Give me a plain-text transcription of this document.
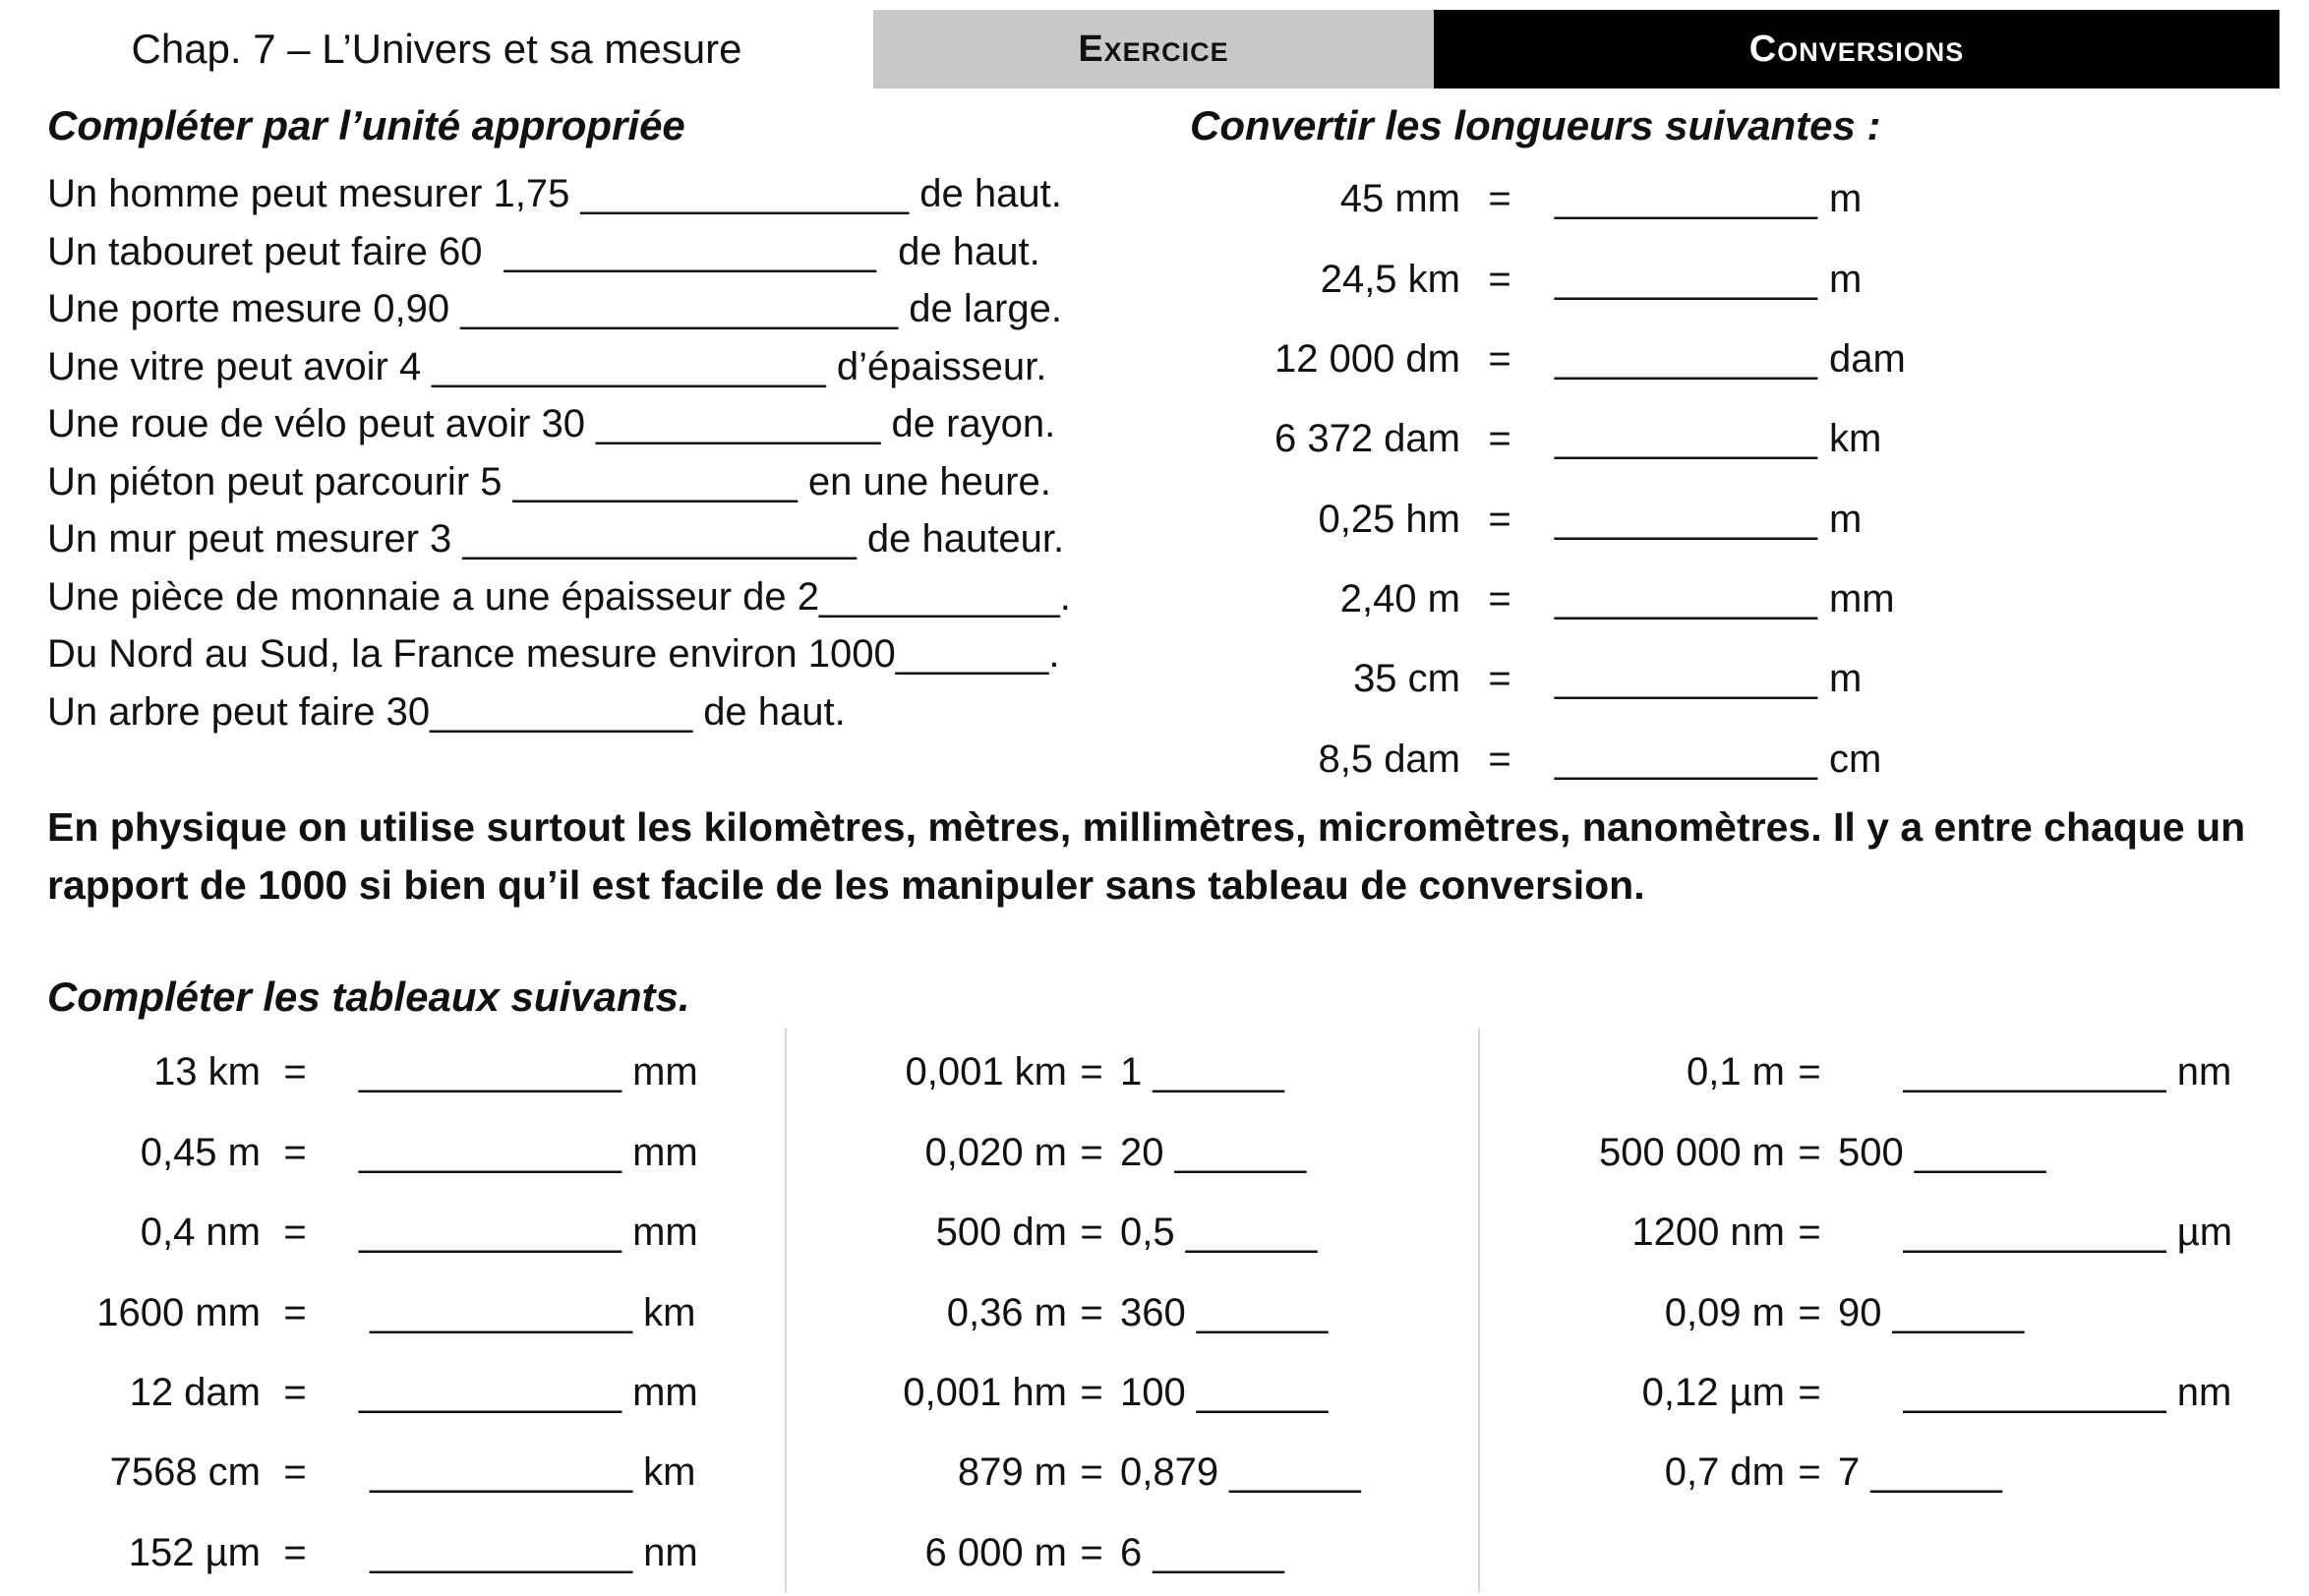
Chap. 7 – L’Univers et sa mesure	Exercice	Conversions
Compléter par l’unité appropriée
Un homme peut mesurer 1,75 _______________ de haut.
Un tabouret peut faire 60  _________________  de haut.
Une porte mesure 0,90 ____________________ de large.
Une vitre peut avoir 4 __________________ d’épaisseur.
Une roue de vélo peut avoir 30 _____________ de rayon.
Un piéton peut parcourir 5 _____________ en une heure.
Un mur peut mesurer 3 __________________ de hauteur.
Une pièce de monnaie a une épaisseur de 2___________.
Du Nord au Sud, la France mesure environ 1000_______.
Un arbre peut faire 30____________ de haut.
Convertir les longueurs suivantes :
45 mm =	____________ m
24,5 km =	____________ m
12 000 dm =	____________ dam
6 372 dam =	____________ km
0,25 hm =	____________ m
2,40 m =	____________ mm
35 cm =	____________ m
8,5 dam =	____________ cm
En physique on utilise surtout les kilomètres, mètres, millimètres, micromètres, nanomètres. Il y a entre chaque un rapport de 1000 si bien qu’il est facile de les manipuler sans tableau de conversion.
Compléter les tableaux suivants.
13 km =	____________ mm
0,45 m =	____________ mm
0,4 nm =	____________ mm
1600 mm =	____________ km
12 dam =	____________ mm
7568 cm =	____________ km
152 µm =	____________ nm
0,001 km = 1 ______
0,020 m = 20 ______
500 dm = 0,5 ______
0,36 m = 360 ______
0,001 hm = 100 ______
879 m = 0,879 ______
6 000 m = 6 ______
0,1 m = ____________ nm
500 000 m = 500 ______
1200 nm = ____________ µm
0,09 m = 90 ______
0,12 µm = ____________ nm
0,7 dm = 7 ______
